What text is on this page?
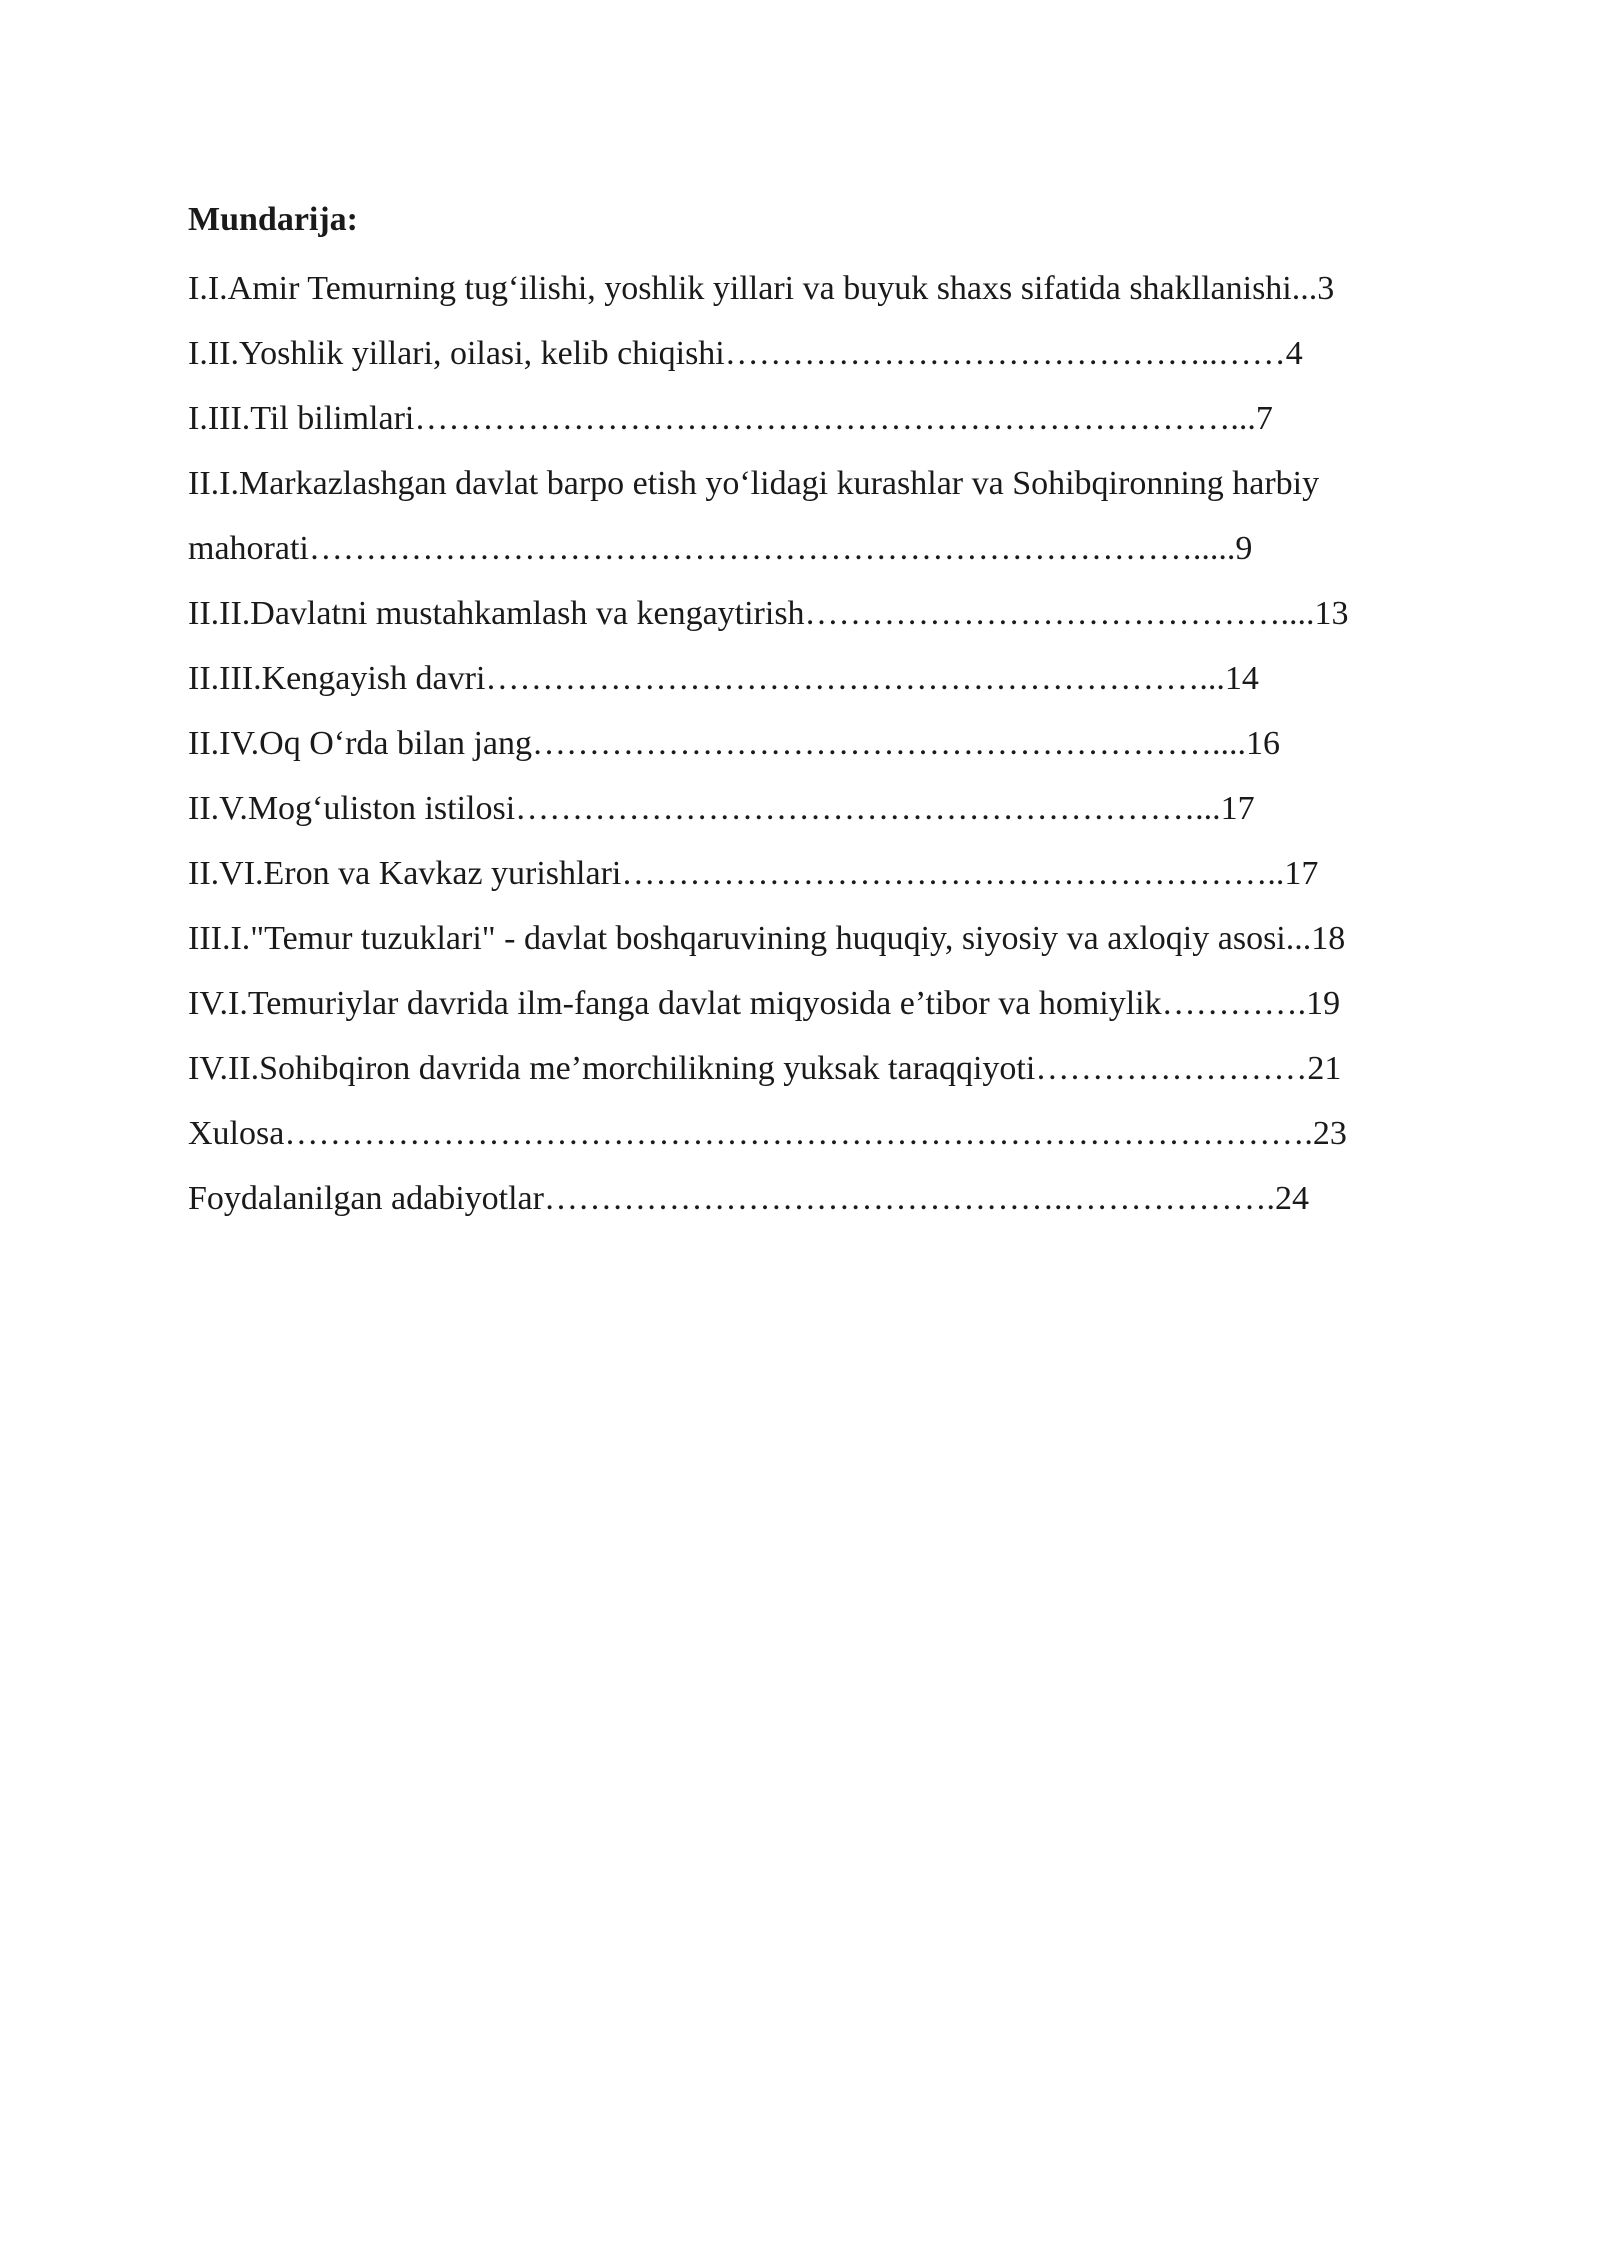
Mundarija:
I.I.Amir Temurning tug‘ilishi, yoshlik yillari va buyuk shaxs sifatida shakllanishi...3
I.II.Yoshlik yillari, oilasi, kelib chiqishi……………………………………..……4
I.III.Til bilimlari………………………………………………………………...7
II.I.Markazlashgan davlat barpo etish yo‘lidagi kurashlar va Sohibqironning harbiy
mahorati…………………………………………………………………….....9
II.II.Davlatni mustahkamlash va kengaytirish……………………………………....13
II.III.Kengayish davri………………………………………………………...14
II.IV.Oq O‘rda bilan jang……………………………………………………....16
II.V.Mog‘uliston istilosi……………………………………………………...17
II.VI.Eron va Kavkaz yurishlari…………………………………………………..17
III.I."Temur tuzuklari" - davlat boshqaruvining huquqiy, siyosiy va axloqiy asosi...18
IV.I.Temuriylar davrida ilm-fanga davlat miqyosida e’tibor va homiylik………….19
IV.II.Sohibqiron davrida me’morchilikning yuksak taraqqiyoti……………………21
Xulosa……………………………………………………………………………….23
Foydalanilgan adabiyotlar……………………………………….……………….24
